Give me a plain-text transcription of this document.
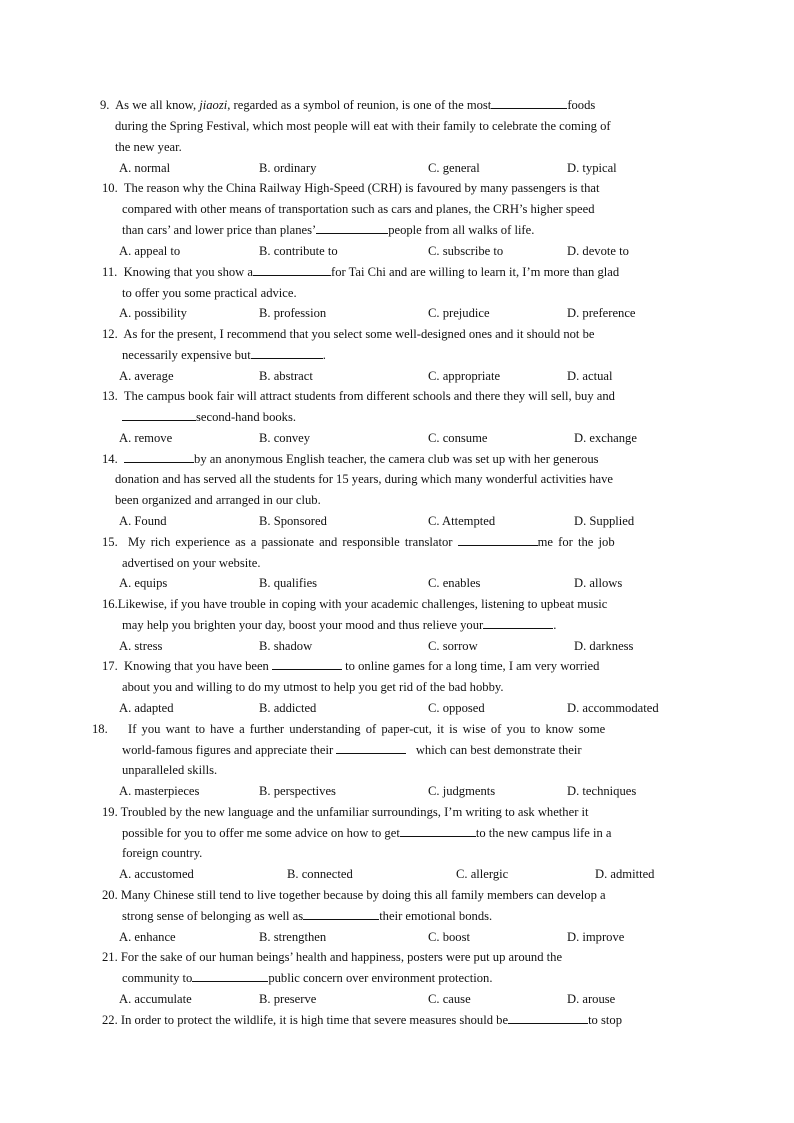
9. As we all know, jiaozi, regarded as a symbol of reunion, is one of the most	foods
during the Spring Festival, which most people will eat with their family to celebrate the coming of
the new year.
A. normal	B. ordinary	C. general	D. typical
10. The reason why the China Railway High-Speed (CRH) is favoured by many passengers is that
compared with other means of transportation such as cars and planes, the CRH’s higher speed
than cars’ and lower price than planes’	people from all walks of life.
A. appeal to	B. contribute to	C. subscribe to	D. devote to
11. Knowing that you show a	for Tai Chi and are willing to learn it, I’m more than glad
to offer you some practical advice.
A. possibility	B. profession	C. prejudice	D. preference
12. As for the present, I recommend that you select some well-designed ones and it should not be
necessarily expensive but	.
A. average	B. abstract	C. appropriate	D. actual
13. The campus book fair will attract students from different schools and there they will sell, buy and
second-hand books.
A. remove	B. convey	C. consume	D. exchange
14.	by an anonymous English teacher, the camera club was set up with her generous
donation and has served all the students for 15 years, during which many wonderful activities have
been organized and arranged in our club.
A. Found	B. Sponsored	C. Attempted	D. Supplied
15. My rich experience as a passionate and responsible translator	me for the job
advertised on your website.
A. equips	B. qualifies	C. enables	D. allows
16.Likewise, if you have trouble in coping with your academic challenges, listening to upbeat music
may help you brighten your day, boost your mood and thus relieve your	.
A. stress	B. shadow	C. sorrow	D. darkness
17. Knowing that you have been	to online games for a long time, I am very worried
about you and willing to do my utmost to help you get rid of the bad hobby.
A. adapted	B. addicted	C. opposed	D. accommodated
18. If you want to have a further understanding of paper-cut, it is wise of you to know some
world-famous figures and appreciate their	which can best demonstrate their
unparalleled skills.
A. masterpieces	B. perspectives	C. judgments	D. techniques
19. Troubled by the new language and the unfamiliar surroundings, I’m writing to ask whether it
possible for you to offer me some advice on how to get	to the new campus life in a
foreign country.
A. accustomed	B. connected	C. allergic	D. admitted
20. Many Chinese still tend to live together because by doing this all family members can develop a
strong sense of belonging as well as	their emotional bonds.
A. enhance	B. strengthen	C. boost	D. improve
21. For the sake of our human beings’ health and happiness, posters were put up around the
community to	public concern over environment protection.
A. accumulate	B. preserve	C. cause	D. arouse
22. In order to protect the wildlife, it is high time that severe measures should be	to stop
